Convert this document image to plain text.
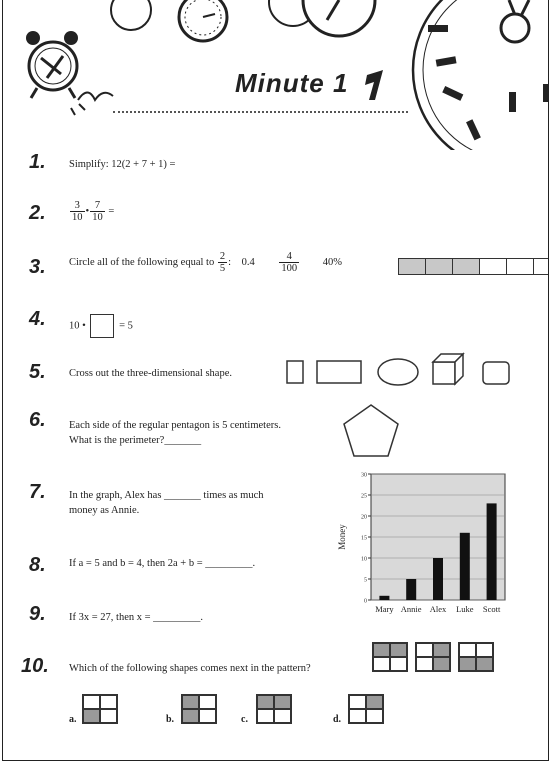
Minute 1
1. Simplify: 12(2 + 7 + 1) =
2. $\frac{3}{10}$ • $\frac{7}{10}$ =
3. Circle all of the following equal to $\frac{2}{5}$ : $0.4 \frac{4}{100} 40\%$
4. 10 •	= 5
5. Cross out the three-dimensional shape.
6. Each side of the regular pentagon is 5 centimeters.
What is the perimeter?_______
7. In the graph, Alex has _______ times as much
money as Annie.
0
5
10
15
20
25
30
Mary Annie Alex Luke Scott
Money
8. If a = 5 and b = 4, then 2a + b = _________.
9. If 3x = 27, then x = _________.
10. Which of the following shapes comes next in the pattern?
a.	b.	c.	d.
